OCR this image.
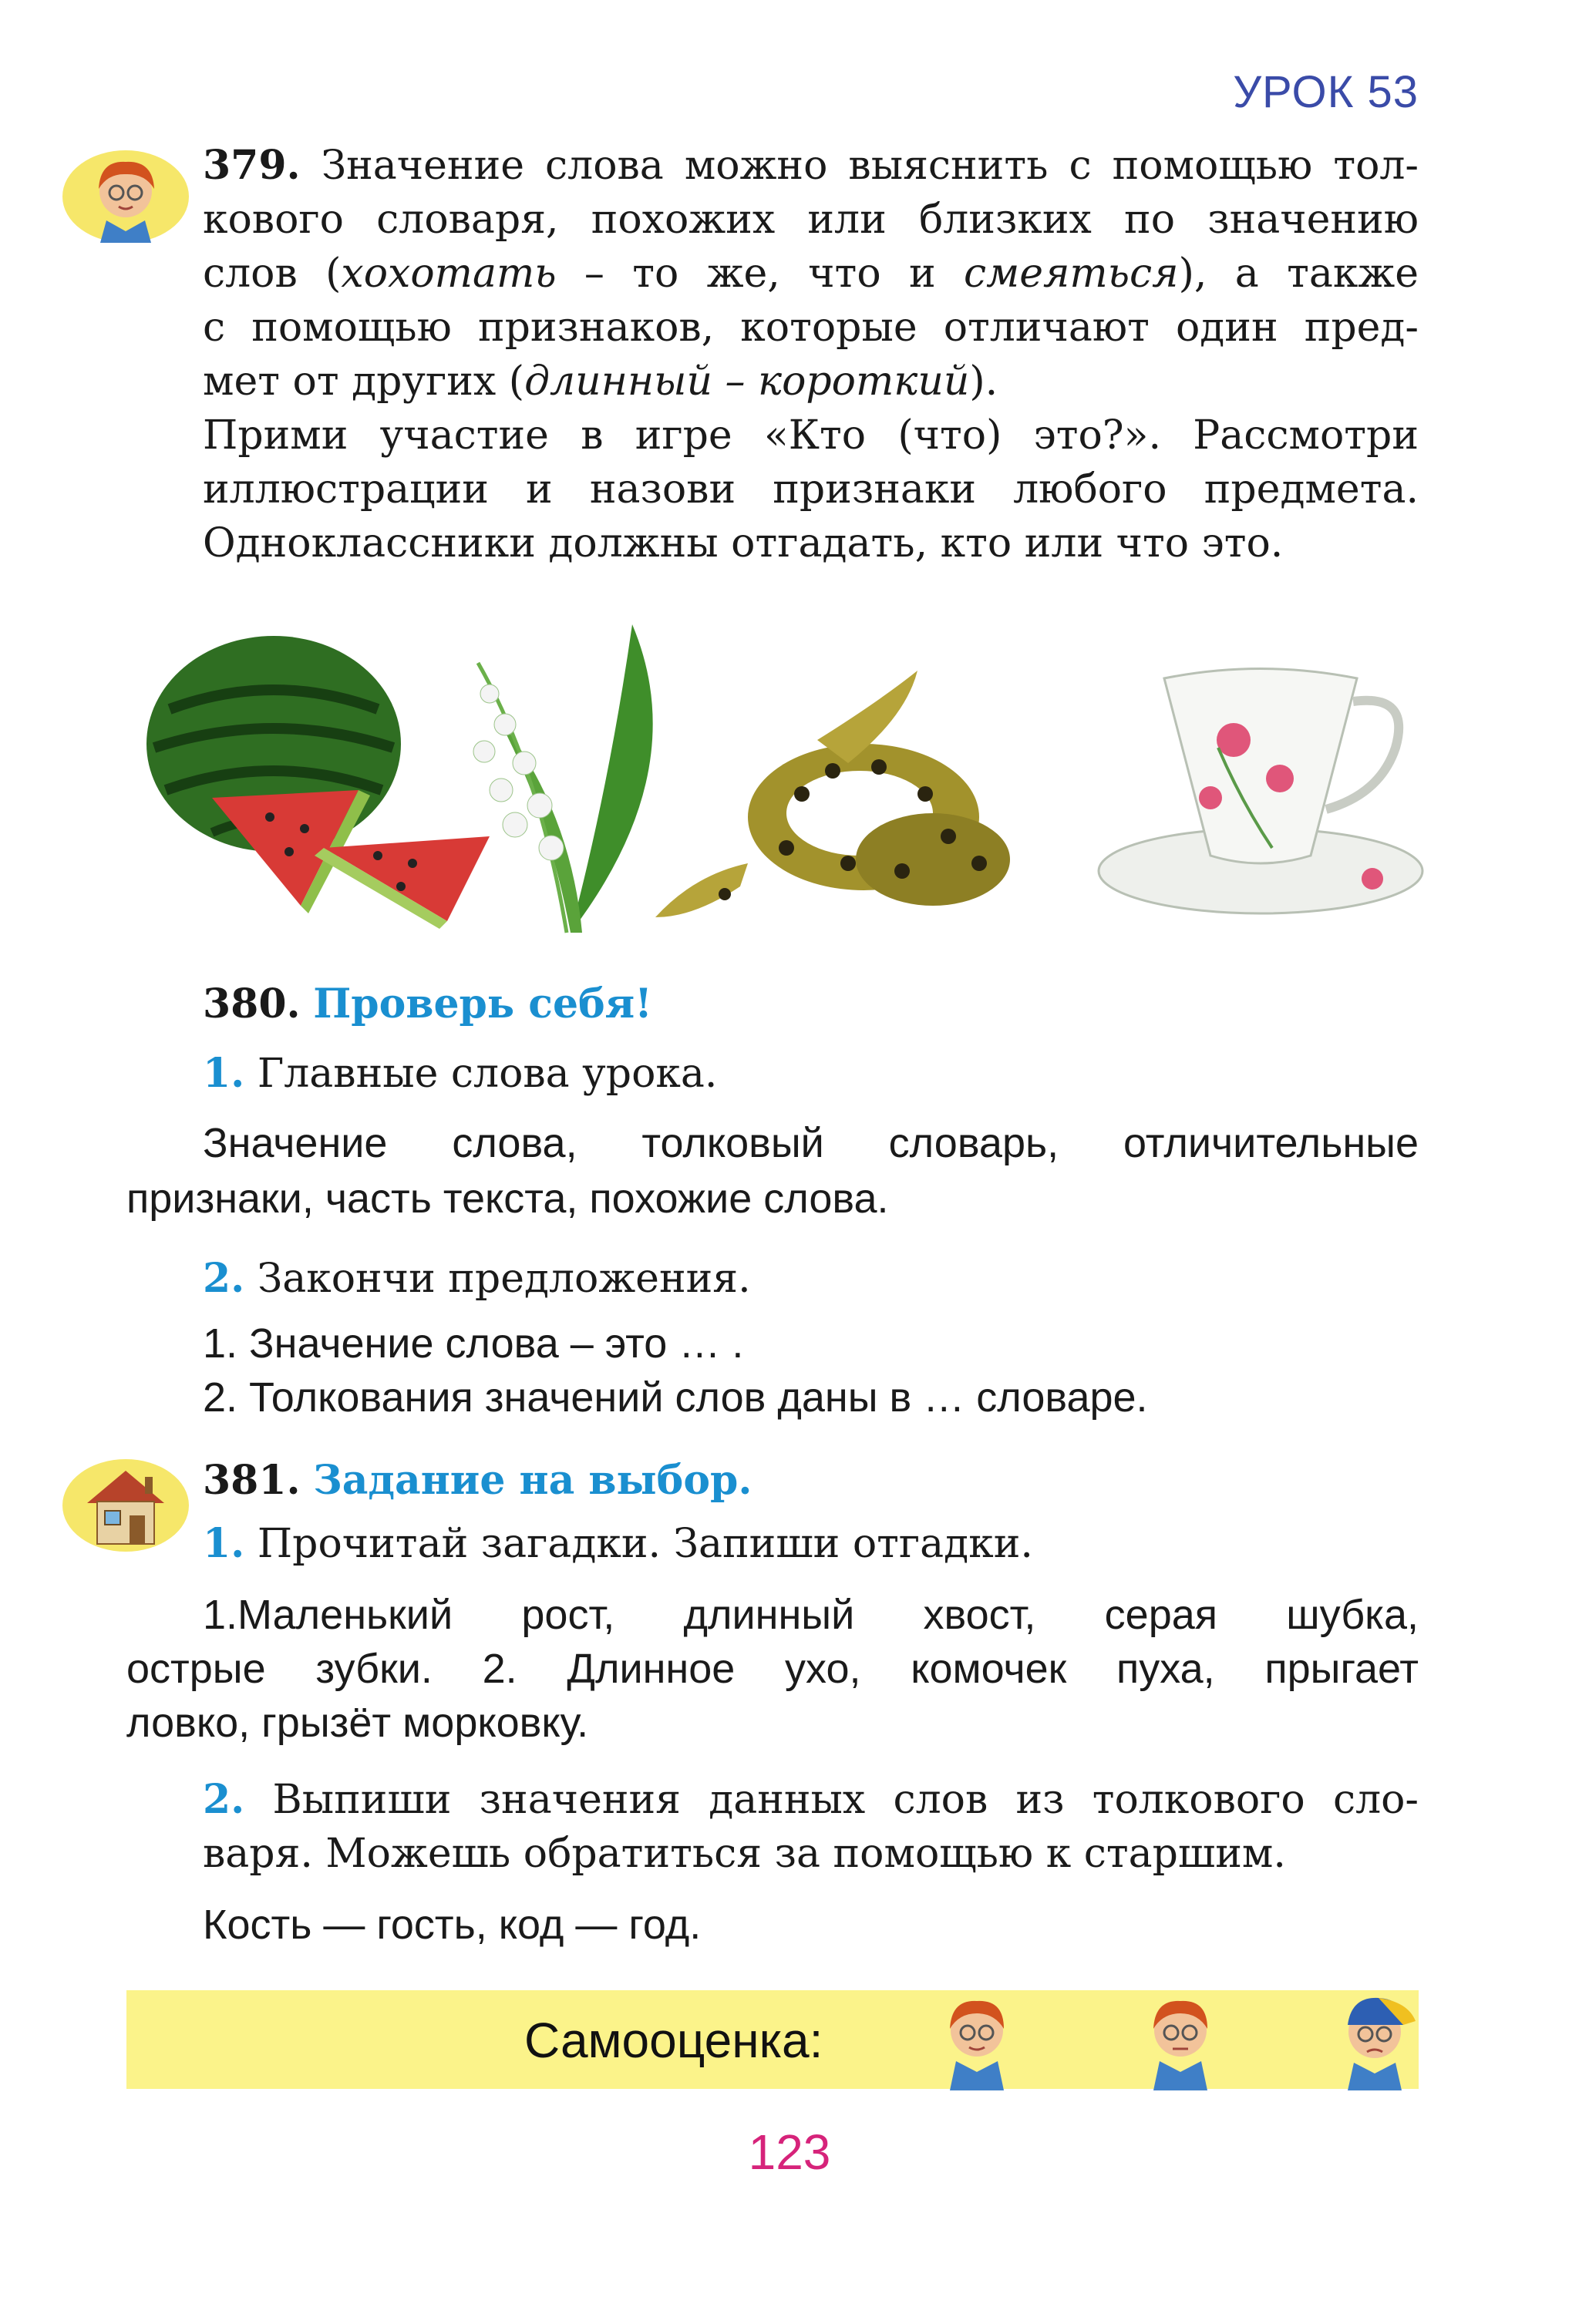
УРОК 53
379. Значение слова можно выяснить с помощью тол-
кового словаря, похожих или близких по значению
слов (хохотать – то же, что и смеяться), а также
с помощью признаков, которые отличают один пред-
мет от других (длинный – короткий).
Прими участие в игре «Кто (что) это?». Рассмотри
иллюстрации и назови признаки любого предмета.
Одноклассники должны отгадать, кто или что это.
380. Проверь себя!
1. Главные слова урока.
Значение слова, толковый словарь, отличительные
признаки, часть текста, похожие слова.
2. Закончи предложения.
1. Значение слова – это … .
2. Толкования значений слов даны в … словаре.
381. Задание на выбор.
1. Прочитай загадки. Запиши отгадки.
1.Маленький рост, длинный хвост, серая шубка,
острые зубки. 2. Длинное ухо, комочек пуха, прыгает
ловко, грызёт морковку.
2. Выпиши значения данных слов из толкового сло-
варя. Можешь обратиться за помощью к старшим.
Кость — гость, код — год.
Самооценка:
123
